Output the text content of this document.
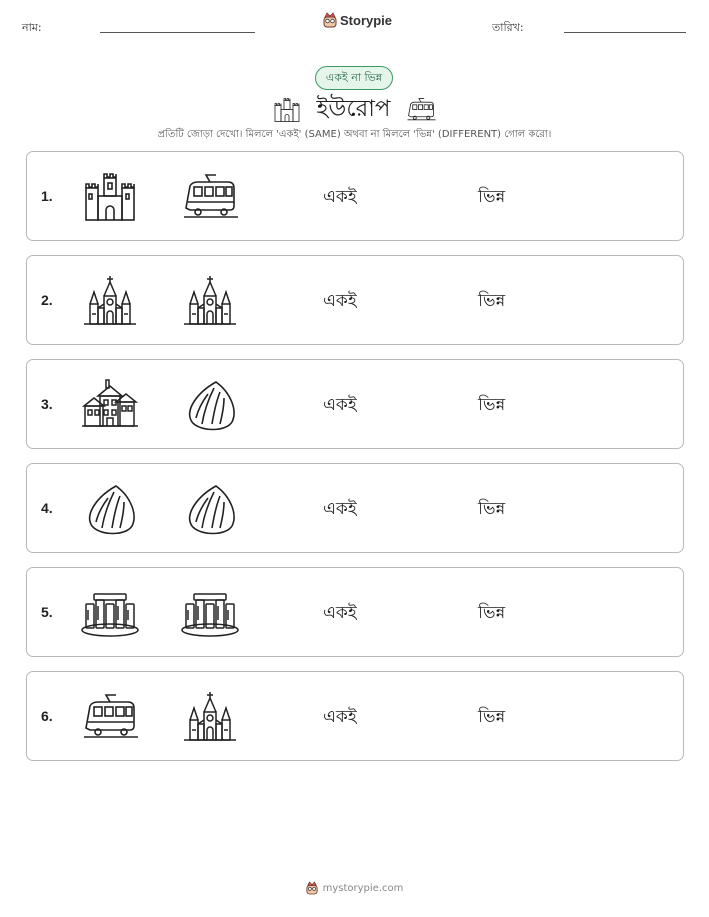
নাম:	Storypie	তারিখ:
একই না ভিন্ন
ইউরোপ
প্রতিটি জোড়া দেখো। মিললে 'একই' (SAME) অথবা না মিললে 'ভিন্ন' (DIFFERENT) গোল করো।
1.	একই	ভিন্ন
2.	একই	ভিন্ন
3.	একই	ভিন্ন
4.	একই	ভিন্ন
5.	একই	ভিন্ন
6.	একই	ভিন্ন
mystorypie.com
